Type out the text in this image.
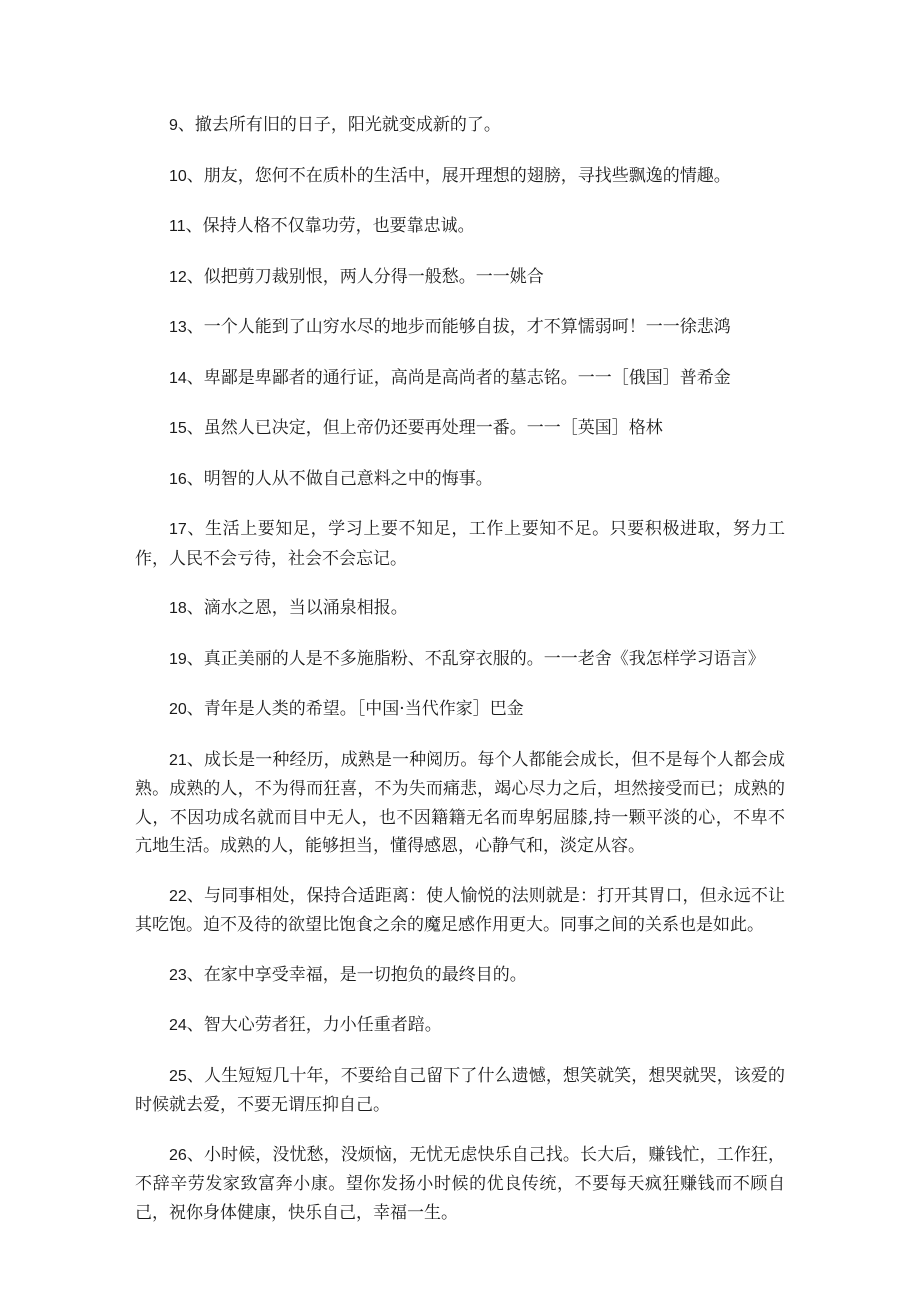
9、撤去所有旧的日子，阳光就变成新的了。

10、朋友，您何不在质朴的生活中，展开理想的翅膀，寻找些飘逸的情趣。

11、保持人格不仅靠功劳，也要靠忠诚。

12、似把剪刀裁别恨，两人分得一般愁。一一姚合

13、一个人能到了山穷水尽的地步而能够自拔，才不算懦弱呵！一一徐悲鸿

14、卑鄙是卑鄙者的通行证，高尚是高尚者的墓志铭。一一［俄国］普希金

15、虽然人已决定，但上帝仍还要再处理一番。一一［英国］格林

16、明智的人从不做自己意料之中的悔事。

17、生活上要知足，学习上要不知足，工作上要知不足。只要积极进取，努力工作，人民不会亏待，社会不会忘记。

18、滴水之恩，当以涌泉相报。

19、真正美丽的人是不多施脂粉、不乱穿衣服的。一一老舍《我怎样学习语言》

20、青年是人类的希望。［中国·当代作家］巴金

21、成长是一种经历，成熟是一种阅历。每个人都能会成长，但不是每个人都会成熟。成熟的人，不为得而狂喜，不为失而痛悲，竭心尽力之后，坦然接受而已；成熟的人，不因功成名就而目中无人，也不因籍籍无名而卑躬屈膝,持一颗平淡的心，不卑不亢地生活。成熟的人，能够担当，懂得感恩，心静气和，淡定从容。

22、与同事相处，保持合适距离：使人愉悦的法则就是：打开其胃口，但永远不让其吃饱。迫不及待的欲望比饱食之余的魔足感作用更大。同事之间的关系也是如此。

23、在家中享受幸福，是一切抱负的最终目的。

24、智大心劳者狂，力小任重者踣。

25、人生短短几十年，不要给自己留下了什么遗憾，想笑就笑，想哭就哭，该爱的时候就去爱，不要无谓压抑自己。

26、小时候，没忧愁，没烦恼，无忧无虑快乐自己找。长大后，赚钱忙，工作狂，不辞辛劳发家致富奔小康。望你发扬小时候的优良传统，不要每天疯狂赚钱而不顾自己，祝你身体健康，快乐自己，幸福一生。
